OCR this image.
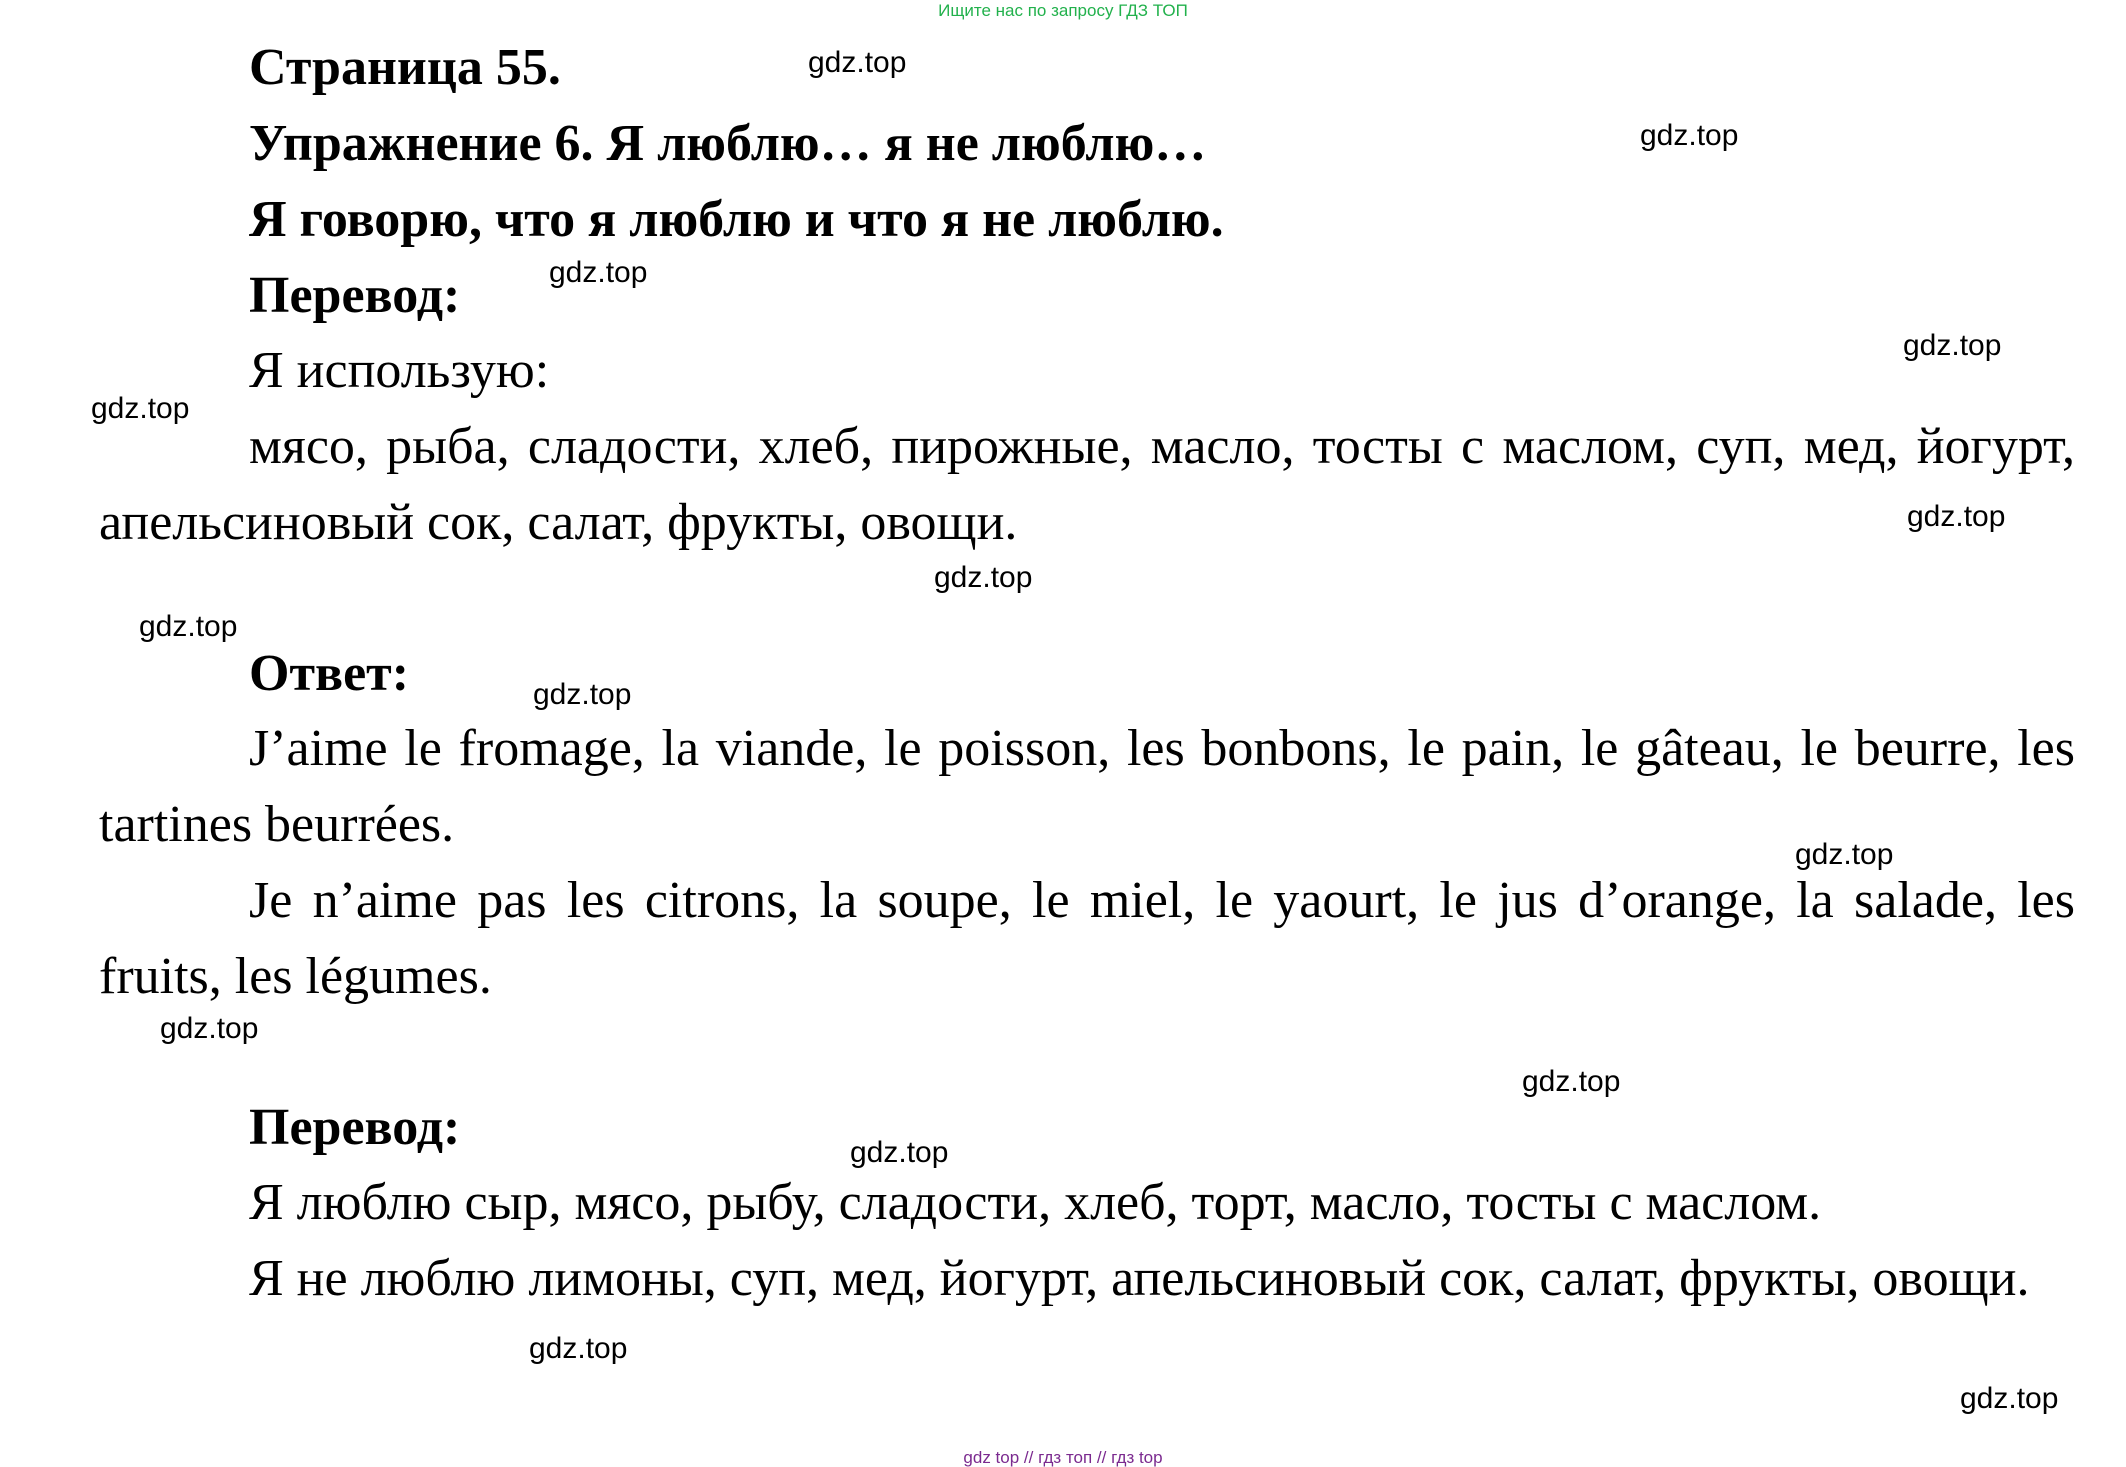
Ищите нас по запросу ГДЗ ТОП
Страница 55.
Упражнение 6. Я люблю… я не люблю…
Я говорю, что я люблю и что я не люблю.
Перевод:

Я использую:

мясо, рыба, сладости, хлеб, пирожные, масло, тосты с маслом, суп, мед, йогурт, апельсиновый сок, салат, фрукты, овощи.

Ответ:

J’aime le fromage, la viande, le poisson, les bonbons, le pain, le gâteau, le beurre, les tartines beurrées.

Je n’aime pas les citrons, la soupe, le miel, le yaourt, le jus d’orange, la salade, les fruits, les légumes.

Перевод:

Я люблю сыр, мясо, рыбу, сладости, хлеб, торт, масло, тосты с маслом.

Я не люблю лимоны, суп, мед, йогурт, апельсиновый сок, салат, фрукты, овощи.

gdz.top
gdz.top
gdz.top
gdz.top
gdz.top
gdz.top
gdz.top
gdz.top
gdz.top
gdz.top
gdz.top
gdz.top
gdz.top
gdz.top
gdz.top
gdz top // гдз топ // гдз top
